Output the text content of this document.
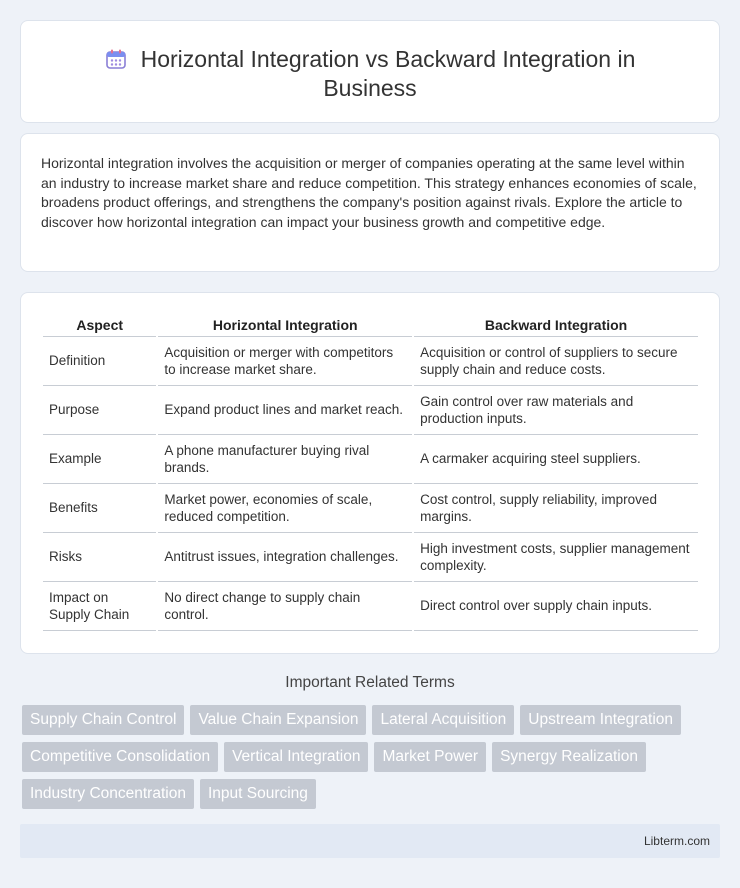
Horizontal Integration vs Backward Integration in Business

Horizontal integration involves the acquisition or merger of companies operating at the same level within an industry to increase market share and reduce competition. This strategy enhances economies of scale, broadens product offerings, and strengthens the company's position against rivals. Explore the article to discover how horizontal integration can impact your business growth and competitive edge.

Aspect	Horizontal Integration	Backward Integration
Definition	Acquisition or merger with competitors to increase market share.	Acquisition or control of suppliers to secure supply chain and reduce costs.
Purpose	Expand product lines and market reach.	Gain control over raw materials and production inputs.
Example	A phone manufacturer buying rival brands.	A carmaker acquiring steel suppliers.
Benefits	Market power, economies of scale, reduced competition.	Cost control, supply reliability, improved margins.
Risks	Antitrust issues, integration challenges.	High investment costs, supplier management complexity.
Impact on Supply Chain	No direct change to supply chain control.	Direct control over supply chain inputs.
Important Related Terms
Supply Chain Control	Value Chain Expansion	Lateral Acquisition	Upstream Integration
Competitive Consolidation	Vertical Integration	Market Power	Synergy Realization
Industry Concentration	Input Sourcing
Libterm.com
